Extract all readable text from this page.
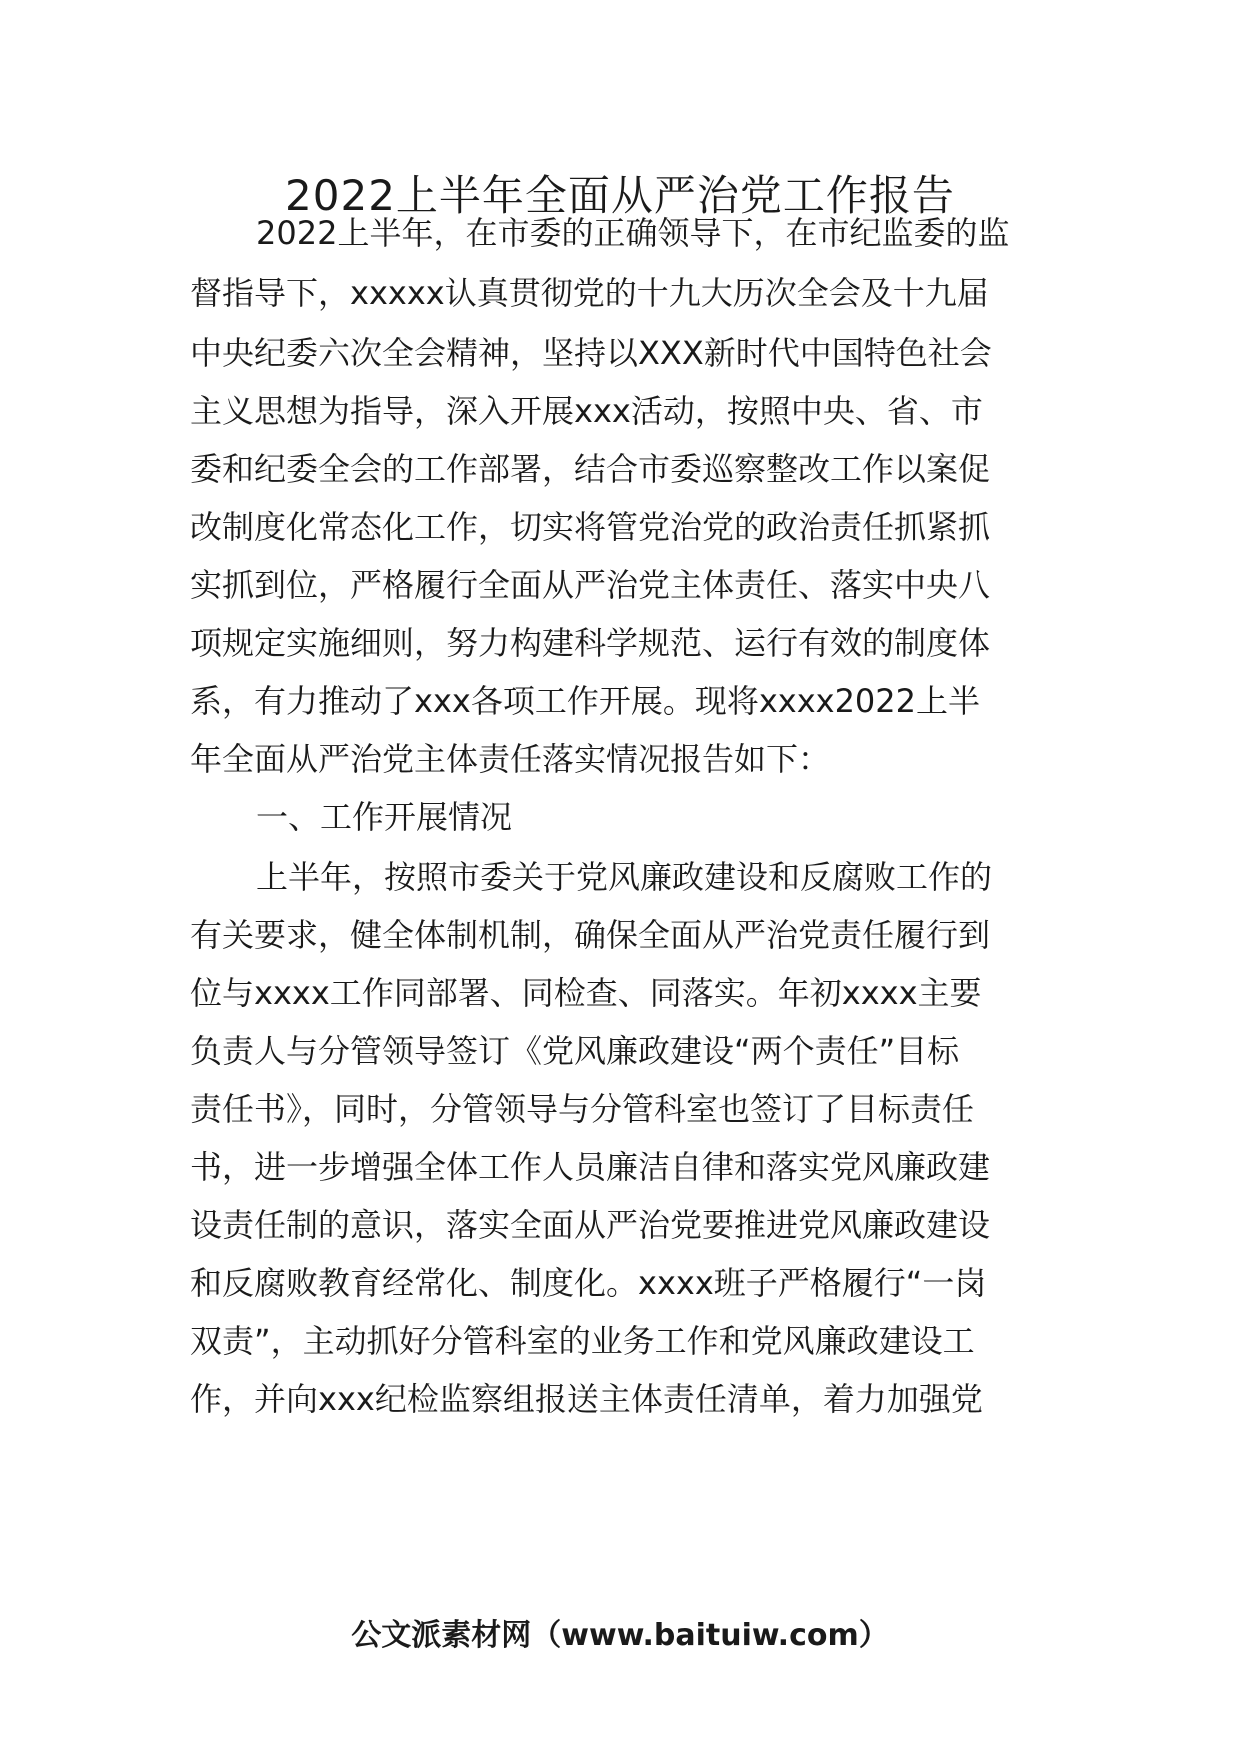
2022上半年全面从严治党工作报告
2022上半年，在市委的正确领导下，在市纪监委的监
督指导下，xxxxx认真贯彻党的十九大历次全会及十九届
中央纪委六次全会精神，坚持以XXX新时代中国特色社会
主义思想为指导，深入开展xxx活动，按照中央、省、市
委和纪委全会的工作部署，结合市委巡察整改工作以案促
改制度化常态化工作，切实将管党治党的政治责任抓紧抓
实抓到位，严格履行全面从严治党主体责任、落实中央八
项规定实施细则，努力构建科学规范、运行有效的制度体
系，有力推动了xxx各项工作开展。现将xxxx2022上半
年全面从严治党主体责任落实情况报告如下：
一、工作开展情况
上半年，按照市委关于党风廉政建设和反腐败工作的
有关要求，健全体制机制，确保全面从严治党责任履行到
位与xxxx工作同部署、同检查、同落实。年初xxxx主要
负责人与分管领导签订《党风廉政建设“两个责任”目标
责任书》，同时，分管领导与分管科室也签订了目标责任
书，进一步增强全体工作人员廉洁自律和落实党风廉政建
设责任制的意识，落实全面从严治党要推进党风廉政建设
和反腐败教育经常化、制度化。xxxx班子严格履行“一岗
双责”，主动抓好分管科室的业务工作和党风廉政建设工
作，并向xxx纪检监察组报送主体责任清单，着力加强党
公文派素材网（www.baituiw.com）
